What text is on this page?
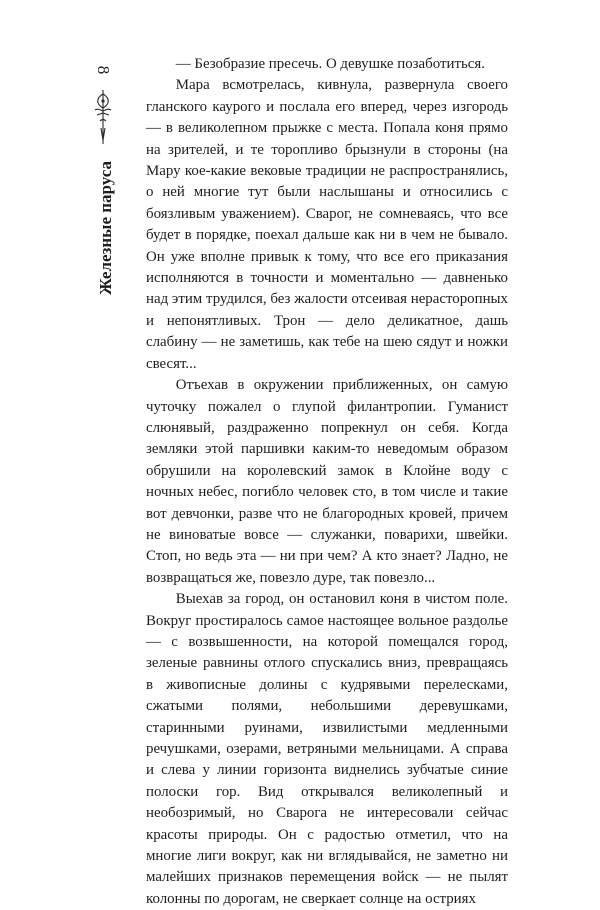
8
Железные паруса

— Безобразие пресечь. О девушке позаботиться.

Мара всмотрелась, кивнула, развернула своего гланского каурого и послала его вперед, через изгородь — в великолепном прыжке с места. Попала коня прямо на зрителей, и те торопливо брызнули в стороны (на Мару кое-какие вековые традиции не распространялись, о ней многие тут были наслышаны и относились с боязливым уважением). Сварог, не сомневаясь, что все будет в порядке, поехал дальше как ни в чем не бывало. Он уже вполне привык к тому, что все его приказания исполняются в точности и моментально — давненько над этим трудился, без жалости отсеивая нерасторопных и непонятливых. Трон — дело деликатное, дашь слабину — не заметишь, как тебе на шею сядут и ножки свесят...

Отъехав в окружении приближенных, он самую чуточку пожалел о глупой филантропии. Гуманист слюнявый, раздраженно попрекнул он себя. Когда земляки этой паршивки каким-то неведомым образом обрушили на королевский замок в Клойне воду с ночных небес, погибло человек сто, в том числе и такие вот девчонки, разве что не благородных кровей, причем не виноватые вовсе — служанки, поварихи, швейки. Стоп, но ведь эта — ни при чем? А кто знает? Ладно, не возвращаться же, повезло дуре, так повезло...

Выехав за город, он остановил коня в чистом поле. Вокруг простиралось самое настоящее вольное раздолье — с возвышенности, на которой помещался город, зеленые равнины отлого спускались вниз, превращаясь в живописные долины с кудрявыми перелесками, сжатыми полями, небольшими деревушками, старинными руинами, извилистыми медленными речушками, озерами, ветряными мельницами. А справа и слева у линии горизонта виднелись зубчатые синие полоски гор. Вид открывался великолепный и необозримый, но Сварога не интересовали сейчас красоты природы. Он с радостью отметил, что на многие лиги вокруг, как ни вглядывайся, не заметно ни малейших признаков перемещения войск — не пылят колонны по дорогам, не сверкает солнце на остриях
